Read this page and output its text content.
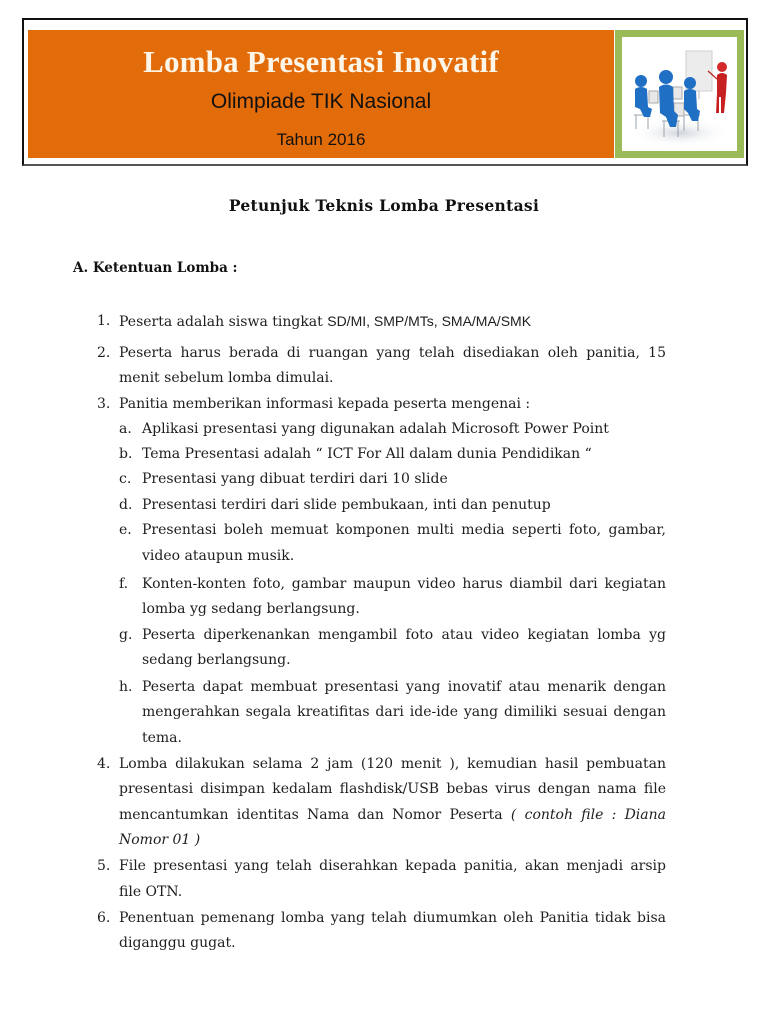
Lomba Presentasi Inovatif
Olimpiade TIK Nasional
Tahun 2016
Petunjuk Teknis Lomba Presentasi
A. Ketentuan Lomba :
1. Peserta adalah siswa tingkat SD/MI, SMP/MTs, SMA/MA/SMK
2. Peserta harus berada di ruangan yang telah disediakan oleh panitia, 15
menit sebelum lomba dimulai.
3. Panitia memberikan informasi kepada peserta mengenai :
a. Aplikasi presentasi yang digunakan adalah Microsoft Power Point
b. Tema Presentasi adalah “ ICT For All dalam dunia Pendidikan “
c. Presentasi yang dibuat terdiri dari 10 slide
d. Presentasi terdiri dari slide pembukaan, inti dan penutup
e. Presentasi boleh memuat komponen multi media seperti foto, gambar,
video ataupun musik.
f. Konten-konten foto, gambar maupun video harus diambil dari kegiatan
lomba yg sedang berlangsung.
g. Peserta diperkenankan mengambil foto atau video kegiatan lomba yg
sedang berlangsung.
h. Peserta dapat membuat presentasi yang inovatif atau menarik dengan
mengerahkan segala kreatifitas dari ide-ide yang dimiliki sesuai dengan
tema.
4. Lomba dilakukan selama 2 jam (120 menit ), kemudian hasil pembuatan
presentasi disimpan kedalam flashdisk/USB bebas virus dengan nama file
mencantumkan identitas Nama dan Nomor Peserta ( contoh file : Diana
Nomor 01 )
5. File presentasi yang telah diserahkan kepada panitia, akan menjadi arsip
file OTN.
6. Penentuan pemenang lomba yang telah diumumkan oleh Panitia tidak bisa
diganggu gugat.
